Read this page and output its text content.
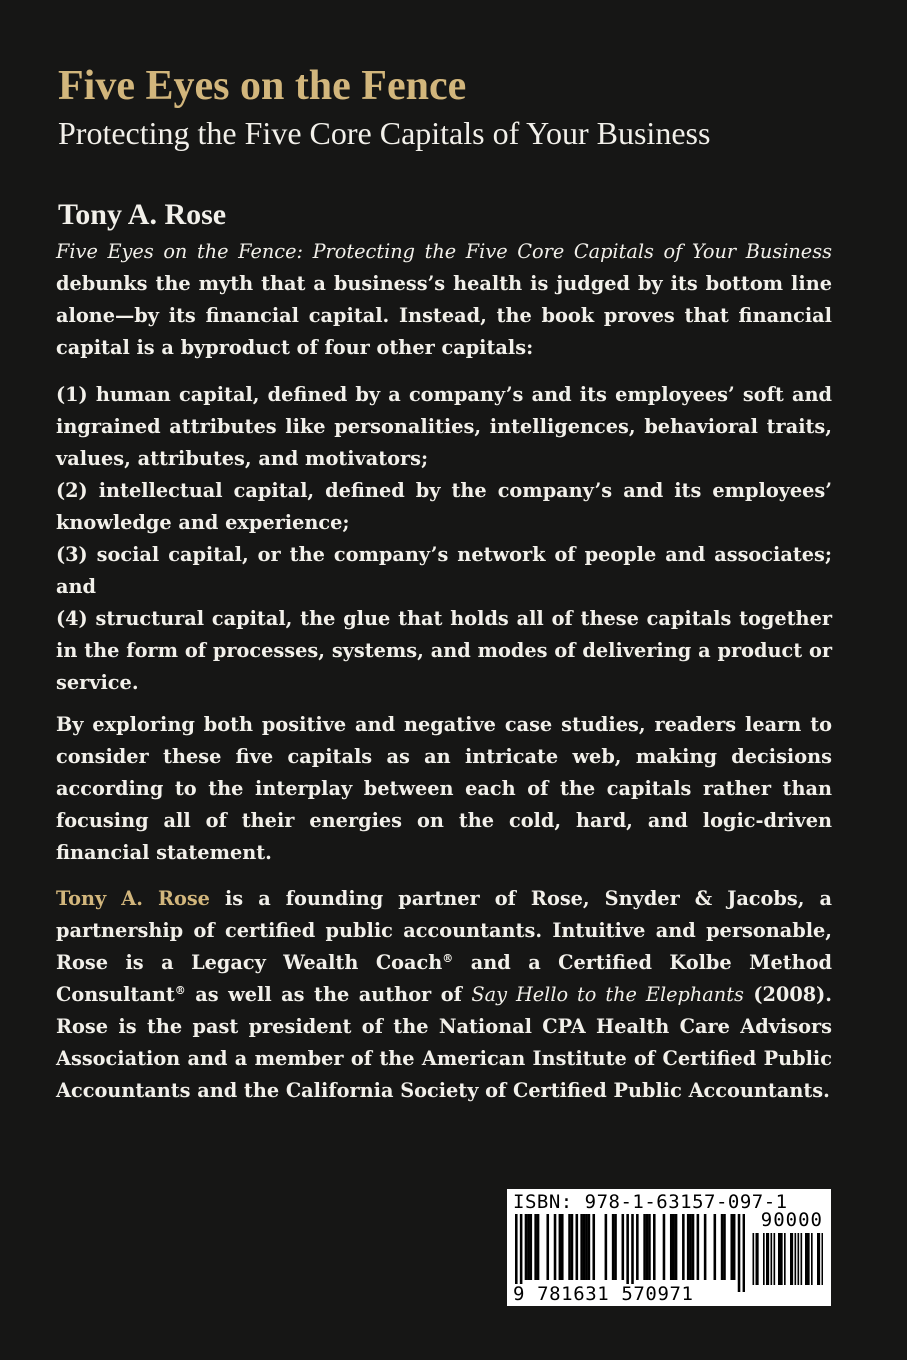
Five Eyes on the Fence
Protecting the Five Core Capitals of Your Business
Tony A. Rose

Five Eyes on the Fence: Protecting the Five Core Capitals of Your Business debunks the myth that a business’s health is judged by its bottom line alone—by its financial capital. Instead, the book proves that financial capital is a byproduct of four other capitals:

(1) human capital, defined by a company’s and its employees’ soft and ingrained attributes like personalities, intelligences, behavioral traits, values, attributes, and motivators;

(2) intellectual capital, defined by the company’s and its employees’ knowledge and experience;

(3) social capital, or the company’s network of people and associates; and

(4) structural capital, the glue that holds all of these capitals together in the form of processes, systems, and modes of delivering a product or service.

By exploring both positive and negative case studies, readers learn to consider these five capitals as an intricate web, making decisions according to the interplay between each of the capitals rather than focusing all of their energies on the cold, hard, and logic-driven financial statement.

Tony A. Rose is a founding partner of Rose, Snyder & Jacobs, a partnership of certified public accountants. Intuitive and personable, Rose is a Legacy Wealth Coach® and a Certified Kolbe Method Consultant® as well as the author of Say Hello to the Elephants (2008). Rose is the past president of the National CPA Health Care Advisors Association and a member of the American Institute of Certified Public Accountants and the California Society of Certified Public Accountants.

ISBN: 978-1-63157-097-1
90000
9 781631 570971
